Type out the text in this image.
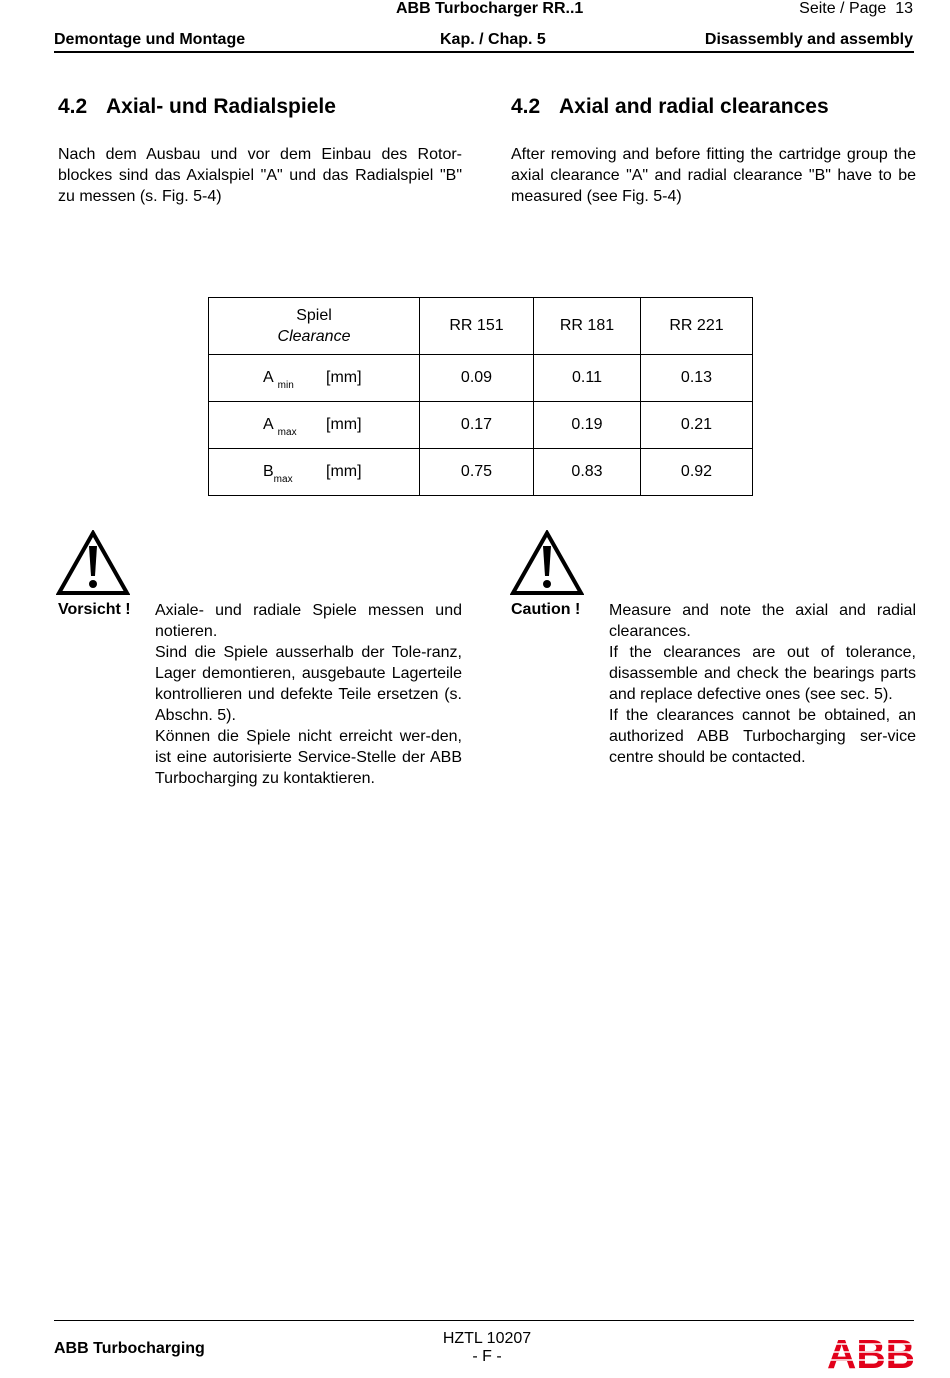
ABB Turbocharger RR..1	Seite / Page 13
Demontage und Montage	Kap. / Chap. 5	Disassembly and assembly
4.2 Axial- und Radialspiele	4.2 Axial and radial clearances
Nach dem Ausbau und vor dem Einbau des Rotor-blockes sind das Axialspiel "A" und das Radialspiel "B" zu messen (s. Fig. 5-4)
After removing and before fitting the cartridge group the axial clearance "A" and radial clearance "B" have to be measured (see Fig. 5-4)
Spiel
Clearance	RR 151	RR 181	RR 221

A $_{min}$ [mm]	0.09	0.11	0.13

A $_{max}$ [mm]	0.17	0.19	0.21

$B_{max}$ [mm]	0.75	0.83	0.92
Vorsicht ! Axiale- und radiale Spiele messen und notieren.

Sind die Spiele ausserhalb der Tole-ranz, Lager demontieren, ausgebaute Lagerteile kontrollieren und defekte Teile ersetzen (s. Abschn. 5).

Können die Spiele nicht erreicht wer-den, ist eine autorisierte Service-Stelle der ABB Turbocharging zu kontaktieren.

Caution ! Measure and note the axial and radial clearances.

If the clearances are out of tolerance, disassemble and check the bearings parts and replace defective ones (see sec. 5).

If the clearances cannot be obtained, an authorized ABB Turbocharging ser-vice centre should be contacted.

ABB Turbocharging
HZTL 10207
- F -	ABB
